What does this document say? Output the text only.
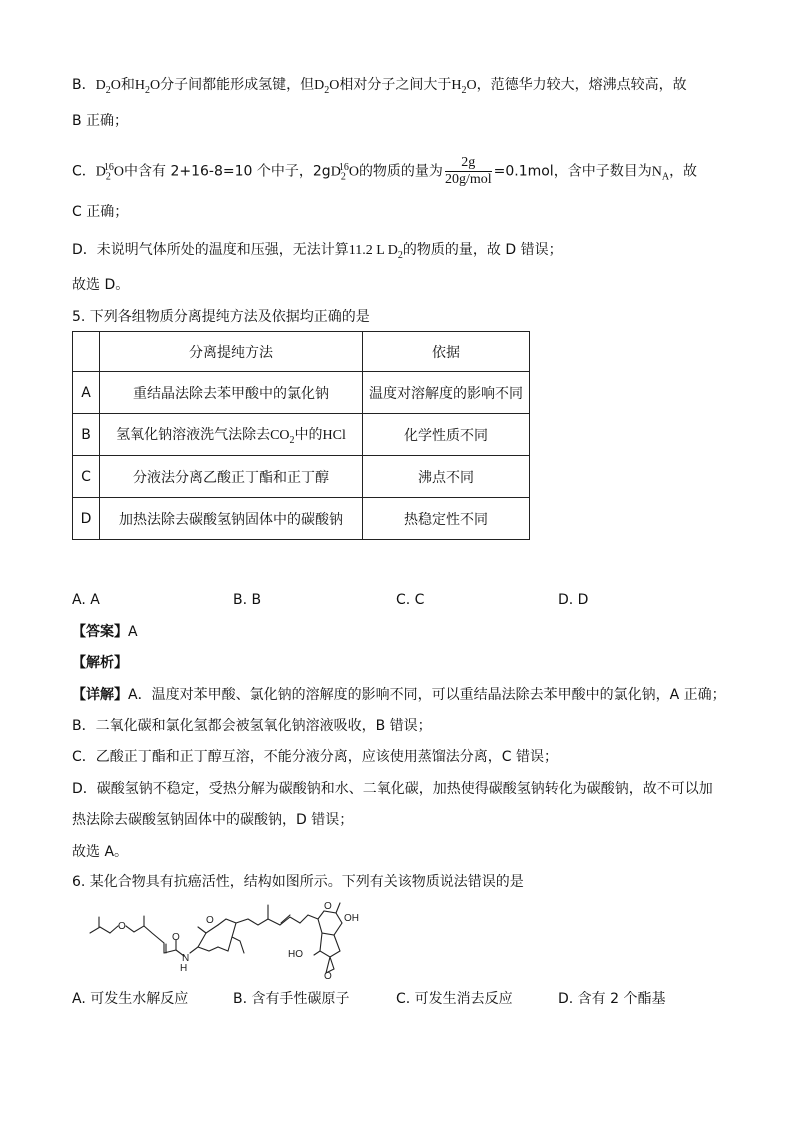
B．$D_2O$和$H_2O$分子间都能形成氢键，但$D_2O$相对分子之间大于$H_2O$，范德华力较大，熔沸点较高，故
B 正确；
C．$D_2^{16}O$中含有 2+16-8=10 个中子，$2gD_2^{16}O$的物质的量为 $\frac{2g}{\text{20g/mol}} =0.1mol$，含中子数目为$N_A$，故
C 正确；
D．未说明气体所处的温度和压强，无法计算11.2 L $D_2$的物质的量，故 D 错误；
故选 D。
5. 下列各组物质分离提纯方法及依据均正确的是
	分离提纯方法	依据
A	重结晶法除去苯甲酸中的氯化钠	温度对溶解度的影响不同
B	氢氧化钠溶液洗气法除去$CO_2$中的HCl	化学性质不同
C	分液法分离乙酸正丁酯和正丁醇	沸点不同
D	加热法除去碳酸氢钠固体中的碳酸钠	热稳定性不同
A. A	B. B	C. C	D. D
【答案】A
【解析】
【详解】A．温度对苯甲酸、氯化钠的溶解度的影响不同，可以重结晶法除去苯甲酸中的氯化钠，A 正确；
B．二氧化碳和氯化氢都会被氢氧化钠溶液吸收，B 错误；
C．乙酸正丁酯和正丁醇互溶，不能分液分离，应该使用蒸馏法分离，C 错误；
D．碳酸氢钠不稳定，受热分解为碳酸钠和水、二氧化碳，加热使得碳酸氢钠转化为碳酸钠，故不可以加
热法除去碳酸氢钠固体中的碳酸钠，D 错误；
故选 A。
6. 某化合物具有抗癌活性，结构如图所示。下列有关该物质说法错误的是
O
O
N
H
O
O
OH
HO
O
A. 可发生水解反应	B. 含有手性碳原子	C. 可发生消去反应	D. 含有 2 个酯基
